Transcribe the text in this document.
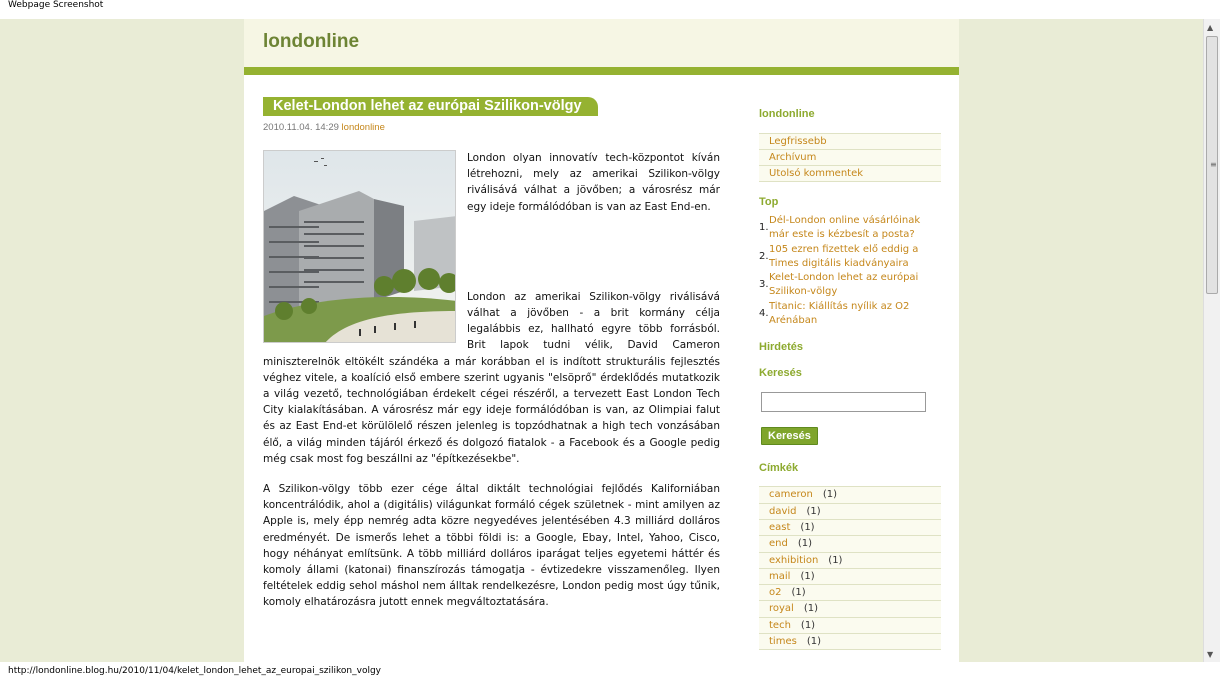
Webpage Screenshot
londonline
Kelet-London lehet az európai Szilikon-völgy
2010.11.04. 14:29 londonline

London olyan innovatív tech-központot kíván létrehozni, mely az amerikai Szilikon-völgy riválisává válhat a jövőben; a városrész már egy ideje formálódóban is van az East End-en.

London az amerikai Szilikon-völgy riválisává válhat a jövőben - a brit kormány célja legalábbis ez, hallható egyre több forrásból. Brit lapok tudni vélik, David Cameron miniszterelnök eltökélt szándéka a már korábban el is indított strukturális fejlesztés véghez vitele, a koalíció első embere szerint ugyanis "elsöprő" érdeklődés mutatkozik a világ vezető, technológiában érdekelt cégei részéről, a tervezett East London Tech City kialakításában. A városrész már egy ideje formálódóban is van, az Olimpiai falut és az East End-et körülölelő részen jelenleg is topzódhatnak a high tech vonzásában élő, a világ minden tájáról érkező és dolgozó fiatalok - a Facebook és a Google pedig még csak most fog beszállni az "építkezésekbe".

A Szilikon-völgy több ezer cége által diktált technológiai fejlődés Kaliforniában koncentrálódik, ahol a (digitális) világunkat formáló cégek születnek - mint amilyen az Apple is, mely épp nemrég adta közre negyedéves jelentésében 4.3 milliárd dolláros eredményét. De ismerős lehet a többi földi is: a Google, Ebay, Intel, Yahoo, Cisco, hogy néhányat említsünk. A több milliárd dolláros iparágat teljes egyetemi háttér és komoly állami (katonai) finanszírozás támogatja - évtizedekre visszamenőleg. Ilyen feltételek eddig sehol máshol nem álltak rendelkezésre, London pedig most úgy tűnik, komoly elhatározásra jutott ennek megváltoztatására.

londonline
Legfrissebb
Archívum
Utolsó kommentek
Top
1.
Dél-London online vásárlóinak már este is kézbesít a posta?
2.
105 ezren fizettek elő eddig a Times digitális kiadványaira
3.
Kelet-London lehet az európai Szilikon-völgy
4.
Titanic: Kiállítás nyílik az O2 Arénában
Hirdetés
Keresés
Keresés
Címkék
cameron (1)
david (1)
east (1)
end (1)
exhibition (1)
mail (1)
o2 (1)
royal (1)
tech (1)
times (1)
▲
≡
▼
http://londonline.blog.hu/2010/11/04/kelet_london_lehet_az_europai_szilikon_volgy
